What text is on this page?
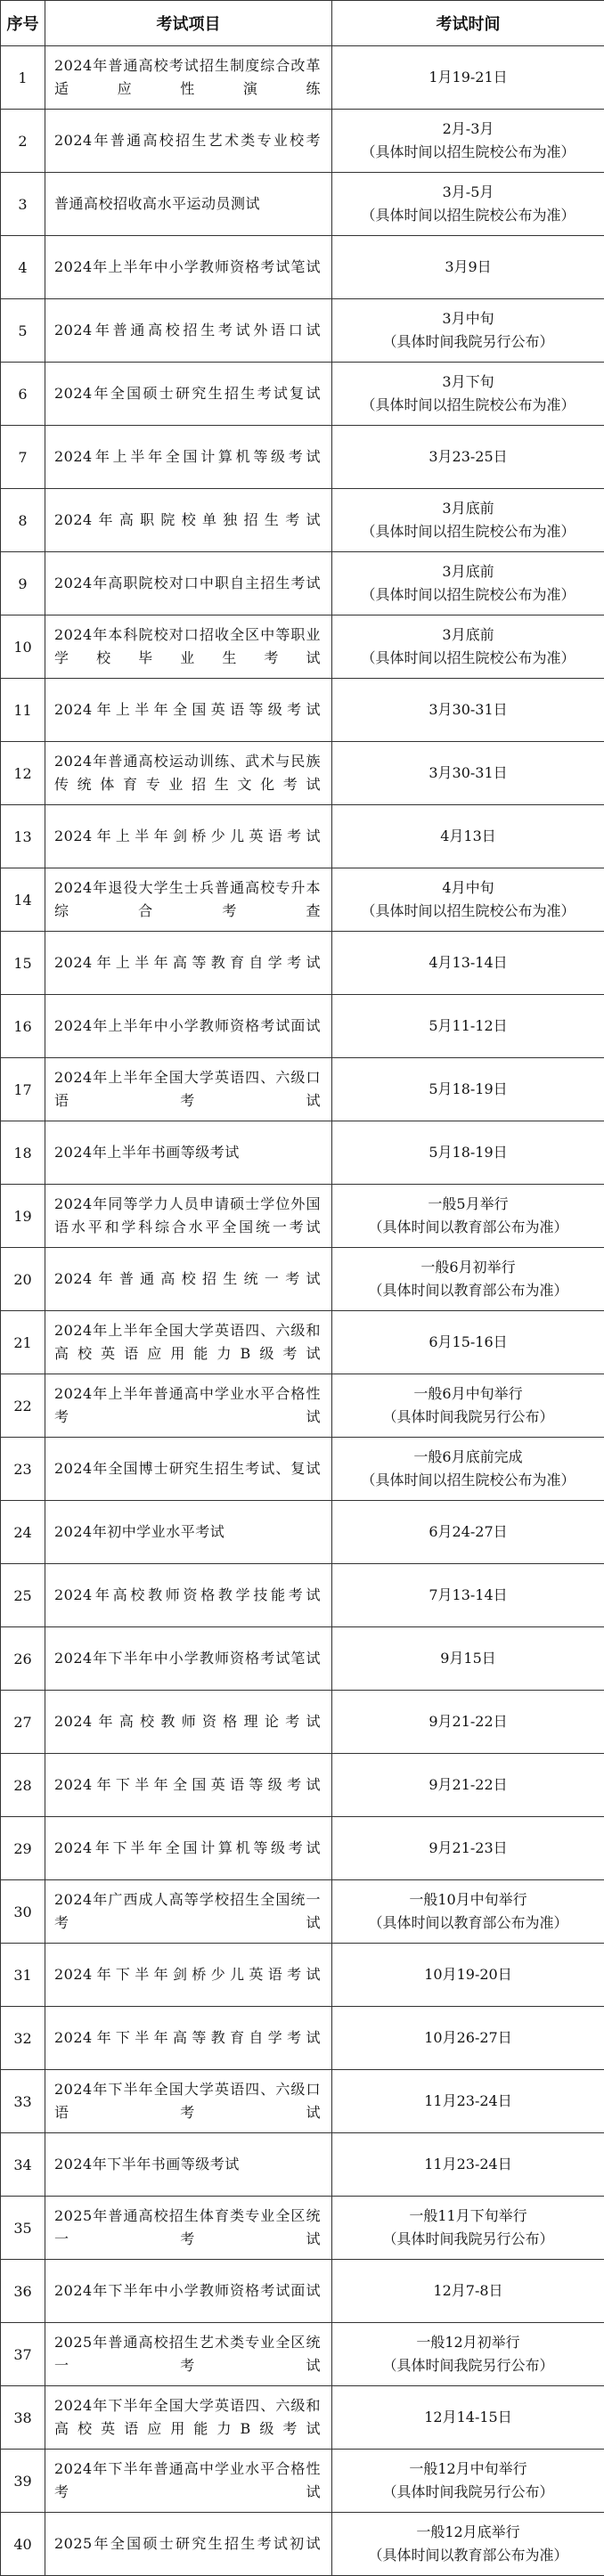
序号	考试项目	考试时间
1	2024年普通高校考试招生制度综合改革适应性演练	1月19-21日

2	2024年普通高校招生艺术类专业校考	2月-3月
（具体时间以招生院校公布为准）

3	普通高校招收高水平运动员测试	3月-5月
（具体时间以招生院校公布为准）

4	2024年上半年中小学教师资格考试笔试	3月9日

5	2024年普通高校招生考试外语口试	3月中旬
（具体时间我院另行公布）

6	2024年全国硕士研究生招生考试复试	3月下旬
（具体时间以招生院校公布为准）

7	2024年上半年全国计算机等级考试	3月23-25日

8	2024年高职院校单独招生考试	3月底前
（具体时间以招生院校公布为准）

9	2024年高职院校对口中职自主招生考试	3月底前
（具体时间以招生院校公布为准）

10	2024年本科院校对口招收全区中等职业学校毕业生考试	3月底前
（具体时间以招生院校公布为准）

11	2024年上半年全国英语等级考试	3月30-31日

12	2024年普通高校运动训练、武术与民族传统体育专业招生文化考试	3月30-31日

13	2024年上半年剑桥少儿英语考试	4月13日

14	2024年退役大学生士兵普通高校专升本综合考查	4月中旬
（具体时间以招生院校公布为准）

15	2024年上半年高等教育自学考试	4月13-14日

16	2024年上半年中小学教师资格考试面试	5月11-12日

17	2024年上半年全国大学英语四、六级口语考试	5月18-19日

18	2024年上半年书画等级考试	5月18-19日

19	2024年同等学力人员申请硕士学位外国语水平和学科综合水平全国统一考试	一般5月举行
（具体时间以教育部公布为准）

20	2024年普通高校招生统一考试	一般6月初举行
（具体时间以教育部公布为准）

21	2024年上半年全国大学英语四、六级和高校英语应用能力B级考试	6月15-16日

22	2024年上半年普通高中学业水平合格性考试	一般6月中旬举行
（具体时间我院另行公布）

23	2024年全国博士研究生招生考试、复试	一般6月底前完成
（具体时间以招生院校公布为准）

24	2024年初中学业水平考试	6月24-27日

25	2024年高校教师资格教学技能考试	7月13-14日

26	2024年下半年中小学教师资格考试笔试	9月15日

27	2024年高校教师资格理论考试	9月21-22日

28	2024年下半年全国英语等级考试	9月21-22日

29	2024年下半年全国计算机等级考试	9月21-23日

30	2024年广西成人高等学校招生全国统一考试	一般10月中旬举行
（具体时间以教育部公布为准）

31	2024年下半年剑桥少儿英语考试	10月19-20日

32	2024年下半年高等教育自学考试	10月26-27日

33	2024年下半年全国大学英语四、六级口语考试	11月23-24日

34	2024年下半年书画等级考试	11月23-24日

35	2025年普通高校招生体育类专业全区统一考试	一般11月下旬举行
（具体时间我院另行公布）

36	2024年下半年中小学教师资格考试面试	12月7-8日

37	2025年普通高校招生艺术类专业全区统一考试	一般12月初举行
（具体时间我院另行公布）

38	2024年下半年全国大学英语四、六级和高校英语应用能力B级考试	12月14-15日

39	2024年下半年普通高中学业水平合格性考试	一般12月中旬举行
（具体时间我院另行公布）

40	2025年全国硕士研究生招生考试初试	一般12月底举行
（具体时间以教育部公布为准）
